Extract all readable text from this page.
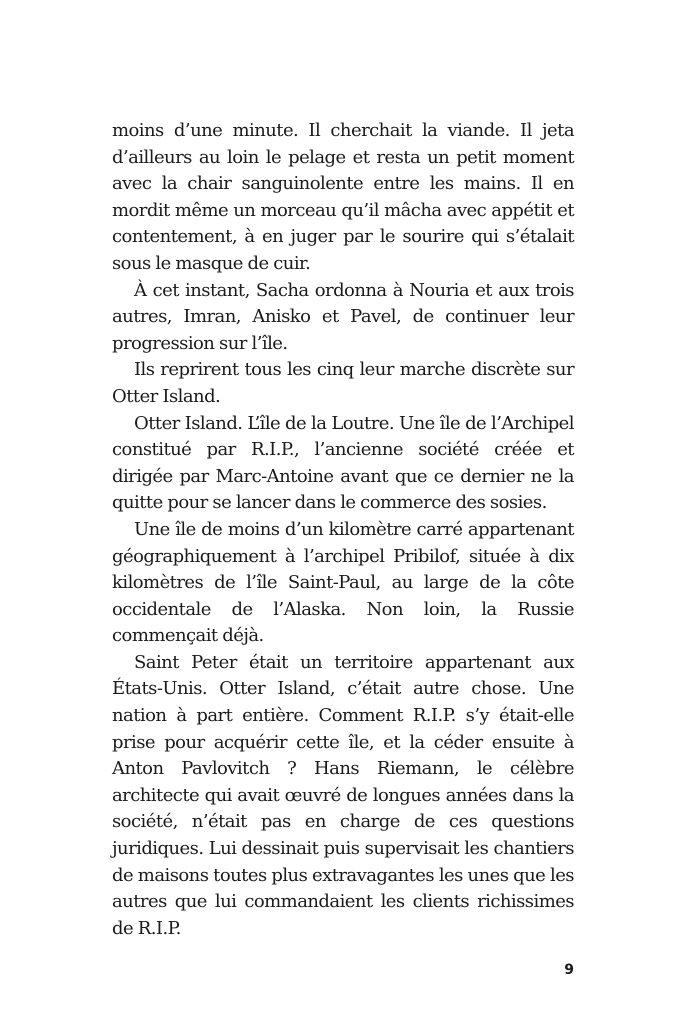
moins d’une minute. Il cherchait la viande. Il jeta d’ailleurs au loin le pelage et resta un petit moment avec la chair sanguinolente entre les mains. Il en mordit même un morceau qu’il mâcha avec appétit et contentement, à en juger par le sourire qui s’étalait sous le masque de cuir.

À cet instant, Sacha ordonna à Nouria et aux trois autres, Imran, Anisko et Pavel, de continuer leur progression sur l’île.

Ils reprirent tous les cinq leur marche discrète sur Otter Island.

Otter Island. L’île de la Loutre. Une île de l’Archipel constitué par R.I.P., l’ancienne société créée et dirigée par Marc-Antoine avant que ce dernier ne la quitte pour se lancer dans le commerce des sosies.

Une île de moins d’un kilomètre carré appartenant géographiquement à l’archipel Pribilof, située à dix kilomètres de l’île Saint-Paul, au large de la côte occidentale de l’Alaska. Non loin, la Russie commençait déjà.

Saint Peter était un territoire appartenant aux États-Unis. Otter Island, c’était autre chose. Une nation à part entière. Comment R.I.P. s’y était-elle prise pour acquérir cette île, et la céder ensuite à Anton Pavlovitch ? Hans Riemann, le célèbre architecte qui avait œuvré de longues années dans la société, n’était pas en charge de ces questions juridiques. Lui dessinait puis supervisait les chantiers de maisons toutes plus extravagantes les unes que les autres que lui commandaient les clients richissimes de R.I.P.

9
